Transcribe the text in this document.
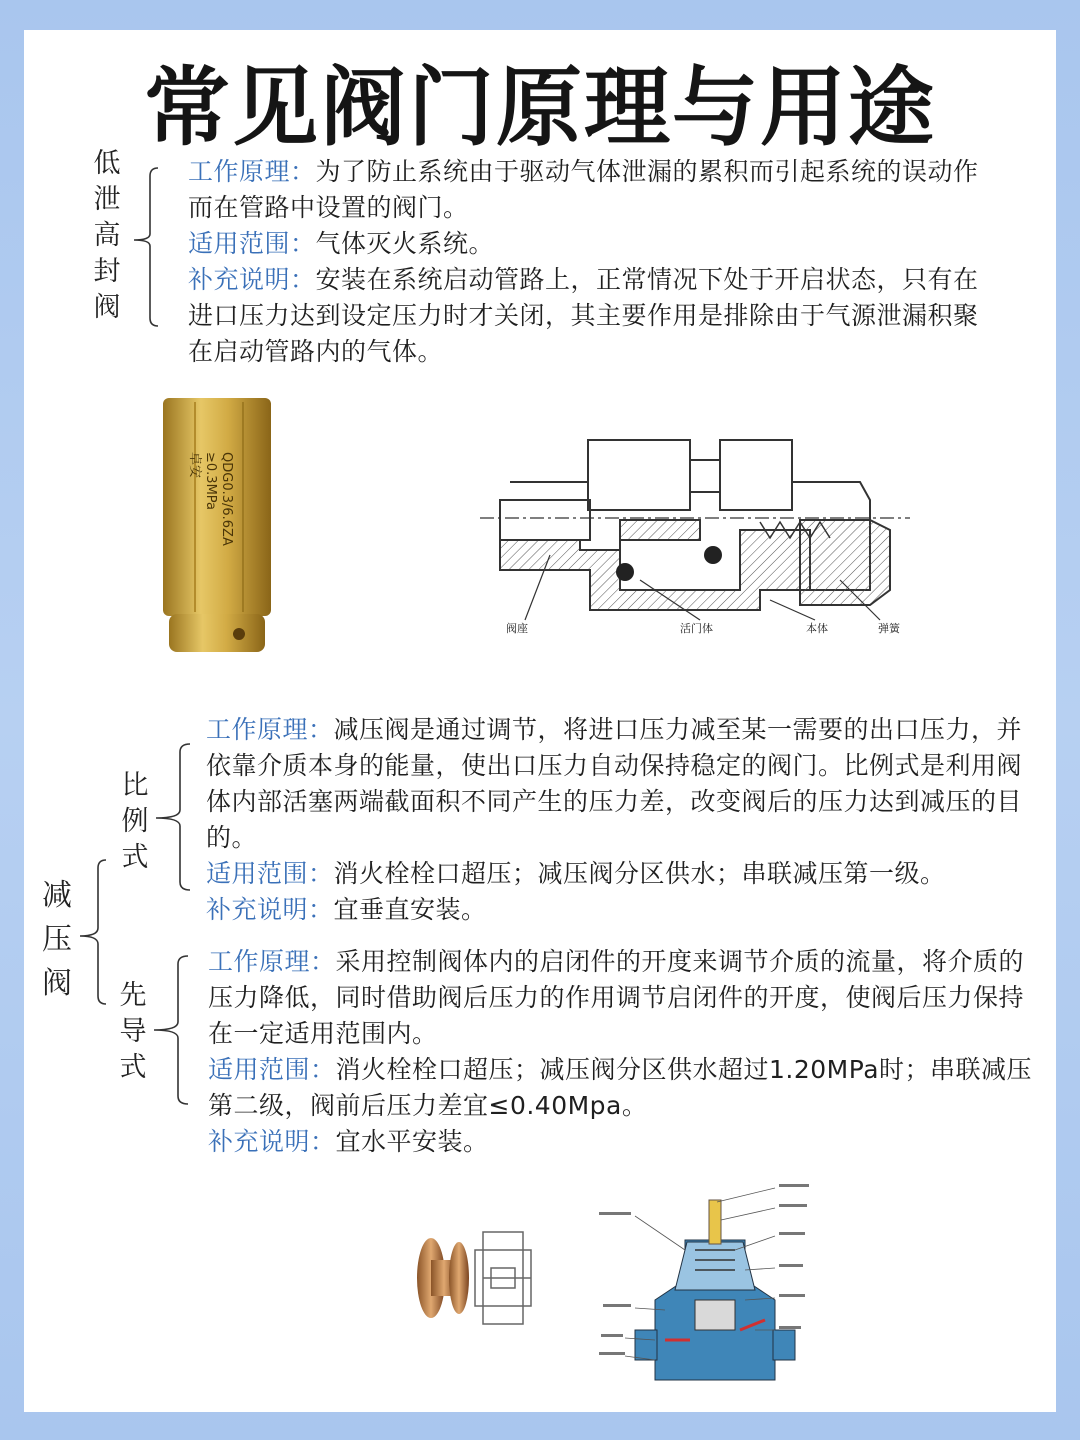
常见阀门原理与用途
低
泄
高
封
阀
工作原理：为了防止系统由于驱动气体泄漏的累积而引起系统的误动作而在管路中设置的阀门。
适用范围：气体灭火系统。
补充说明：安装在系统启动管路上，正常情况下处于开启状态，只有在进口压力达到设定压力时才关闭，其主要作用是排除由于气源泄漏积聚在启动管路内的气体。
QDG0.3/6.6ZA
≥0.3MPa
卓安
阀座	活门体	本体	弹簧
减
压
阀
比
例
式
工作原理：减压阀是通过调节，将进口压力减至某一需要的出口压力，并依靠介质本身的能量，使出口压力自动保持稳定的阀门。比例式是利用阀体内部活塞两端截面积不同产生的压力差，改变阀后的压力达到减压的目的。
适用范围：消火栓栓口超压；减压阀分区供水；串联减压第一级。
补充说明：宜垂直安装。
先
导
式
工作原理：采用控制阀体内的启闭件的开度来调节介质的流量，将介质的压力降低，同时借助阀后压力的作用调节启闭件的开度，使阀后压力保持在一定适用范围内。
适用范围：消火栓栓口超压；减压阀分区供水超过1.20MPa时；串联减压第二级，阀前后压力差宜≤0.40Mpa。
补充说明：宜水平安装。
